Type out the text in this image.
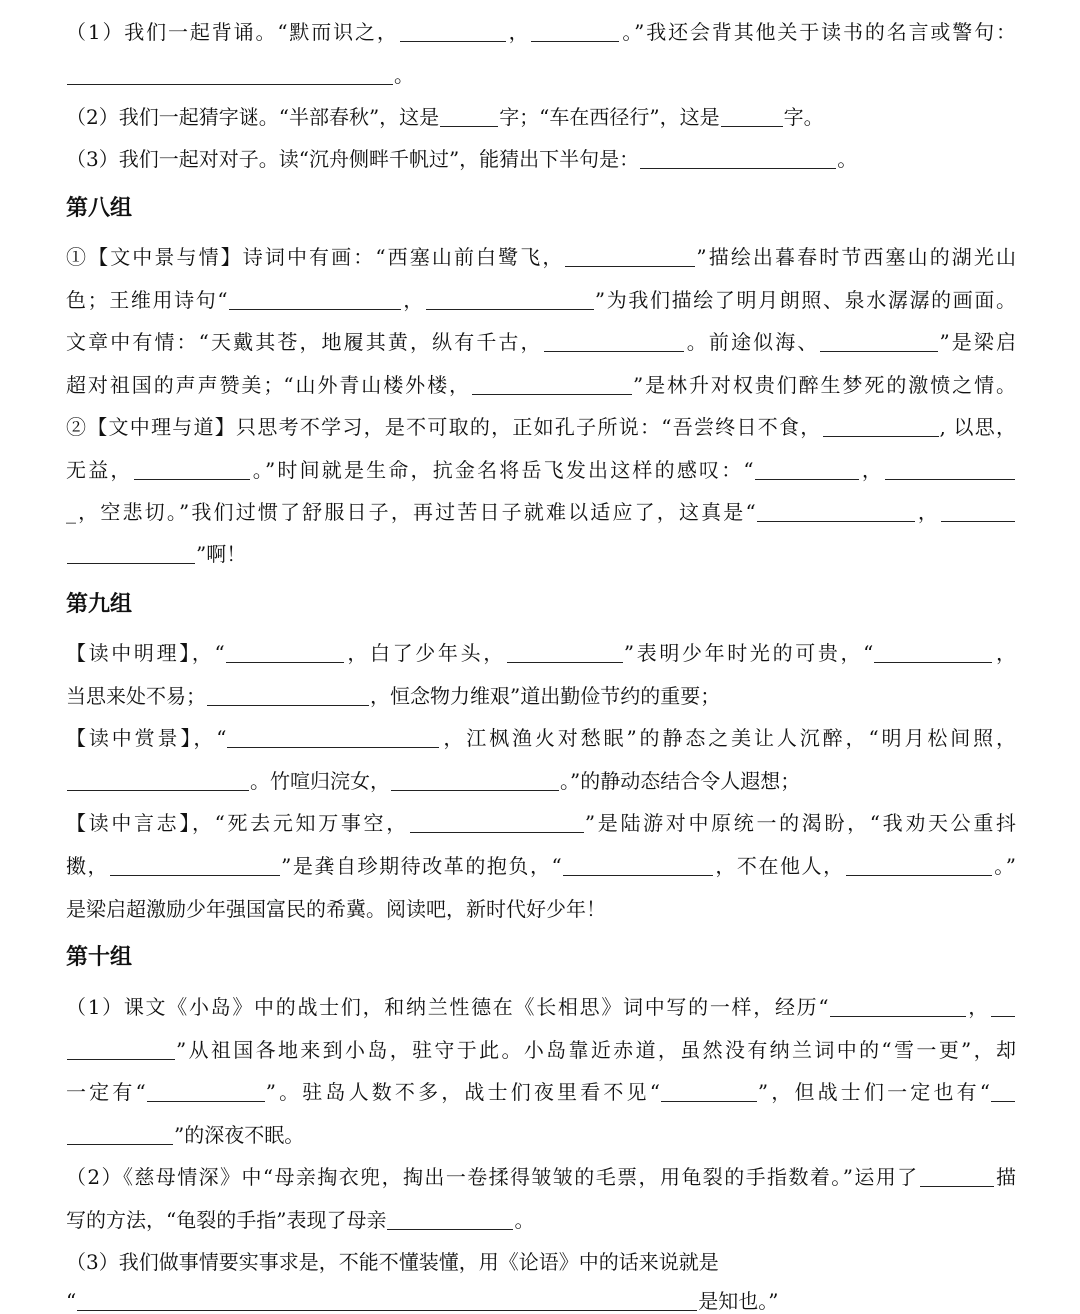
（1）我们一起背诵。“默而识之，	，	。”我还会背其他关于读书的名言或警句：
。
（2）我们一起猜字谜。“半部春秋”，这是	字；“车在西径行”，这是	字。
（3）我们一起对对子。读“沉舟侧畔千帆过”，能猜出下半句是：	。
第八组
①【文中景与情】诗词中有画：“西塞山前白鹭飞，	”描绘出暮春时节西塞山的湖光山
色；王维用诗句“	，	”为我们描绘了明月朗照、泉水潺潺的画面。
文章中有情：“天戴其苍，地履其黄，纵有千古，	。前途似海、	”是梁启
超对祖国的声声赞美；“山外青山楼外楼，	”是林升对权贵们醉生梦死的激愤之情。
②【文中理与道】只思考不学习，是不可取的，正如孔子所说：“吾尝终日不食，	, 以思，
无益，	。”时间就是生命，抗金名将岳飞发出这样的感叹：“	，
_，空悲切。”我们过惯了舒服日子，再过苦日子就难以适应了，这真是“	，
”啊！
第九组
【读中明理】，“	，白了少年头，	”表明少年时光的可贵，“	，
当思来处不易；	，恒念物力维艰”道出勤俭节约的重要；
【读中赏景】，“	，江枫渔火对愁眠”的静态之美让人沉醉，“明月松间照，
。竹喧归浣女，	。”的静动态结合令人遐想；
【读中言志】，“死去元知万事空，	”是陆游对中原统一的渴盼，“我劝天公重抖
擞，	”是龚自珍期待改革的抱负，“	，不在他人，	。”
是梁启超激励少年强国富民的希冀。阅读吧，新时代好少年！
第十组
（1）课文《小岛》中的战士们，和纳兰性德在《长相思》词中写的一样，经历“	，
”从祖国各地来到小岛，驻守于此。小岛靠近赤道，虽然没有纳兰词中的“雪一更”，却
一定有“	”。驻岛人数不多，战士们夜里看不见“	”，但战士们一定也有“
”的深夜不眠。
（2）《慈母情深》中“母亲掏衣兜，掏出一卷揉得皱皱的毛票，用龟裂的手指数着。”运用了	描
写的方法，“龟裂的手指”表现了母亲	。
（3）我们做事情要实事求是，不能不懂装懂，用《论语》中的话来说就是
“	是知也。”
